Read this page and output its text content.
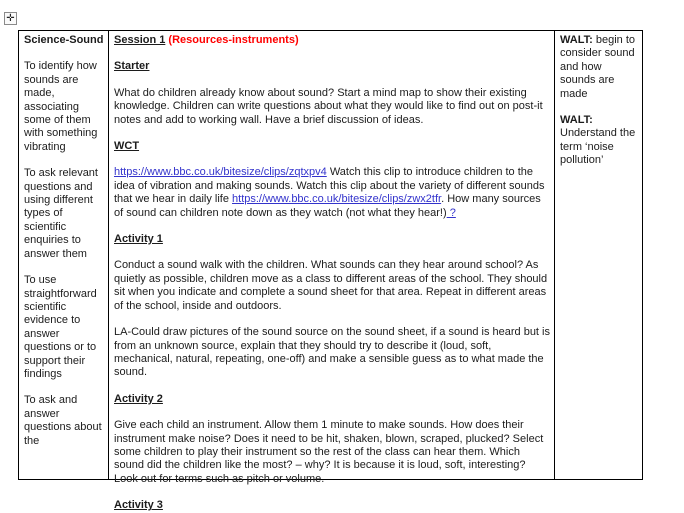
✛

Science-Sound

To identify how sounds are made, associating some of them with something vibrating

To ask relevant questions and using different types of scientific enquiries to answer them

To use straightforward scientific evidence to answer questions or to support their findings

To ask and answer questions about the

Session 1 (Resources-instruments)

Starter

What do children already know about sound? Start a mind map to show their existing knowledge. Children can write questions about what they would like to find out on post-it notes and add to working wall. Have a brief discussion of ideas.

WCT

https://www.bbc.co.uk/bitesize/clips/zqtxpv4 Watch this clip to introduce children to the idea of vibration and making sounds. Watch this clip about the variety of different sounds that we hear in daily life https://www.bbc.co.uk/bitesize/clips/zwx2tfr. How many sources of sound can children note down as they watch (not what they hear!) ?

Activity 1

Conduct a sound walk with the children. What sounds can they hear around school? As quietly as possible, children move as a class to different areas of the school. They should sit when you indicate and complete a sound sheet for that area. Repeat in different areas of the school, inside and outdoors.

LA-Could draw pictures of the sound source on the sound sheet, if a sound is heard but is from an unknown source, explain that they should try to describe it (loud, soft, mechanical, natural, repeating, one-off) and make a sensible guess as to what made the sound.

Activity 2

Give each child an instrument. Allow them 1 minute to make sounds. How does their instrument make noise? Does it need to be hit, shaken, blown, scraped, plucked? Select some children to play their instrument so the rest of the class can hear them. Which sound did the children like the most? – why? It is because it is loud, soft, interesting? Look out for terms such as pitch or volume.

Activity 3

WALT: begin to consider sound and how sounds are made

WALT: Understand the term ‘noise pollution’
